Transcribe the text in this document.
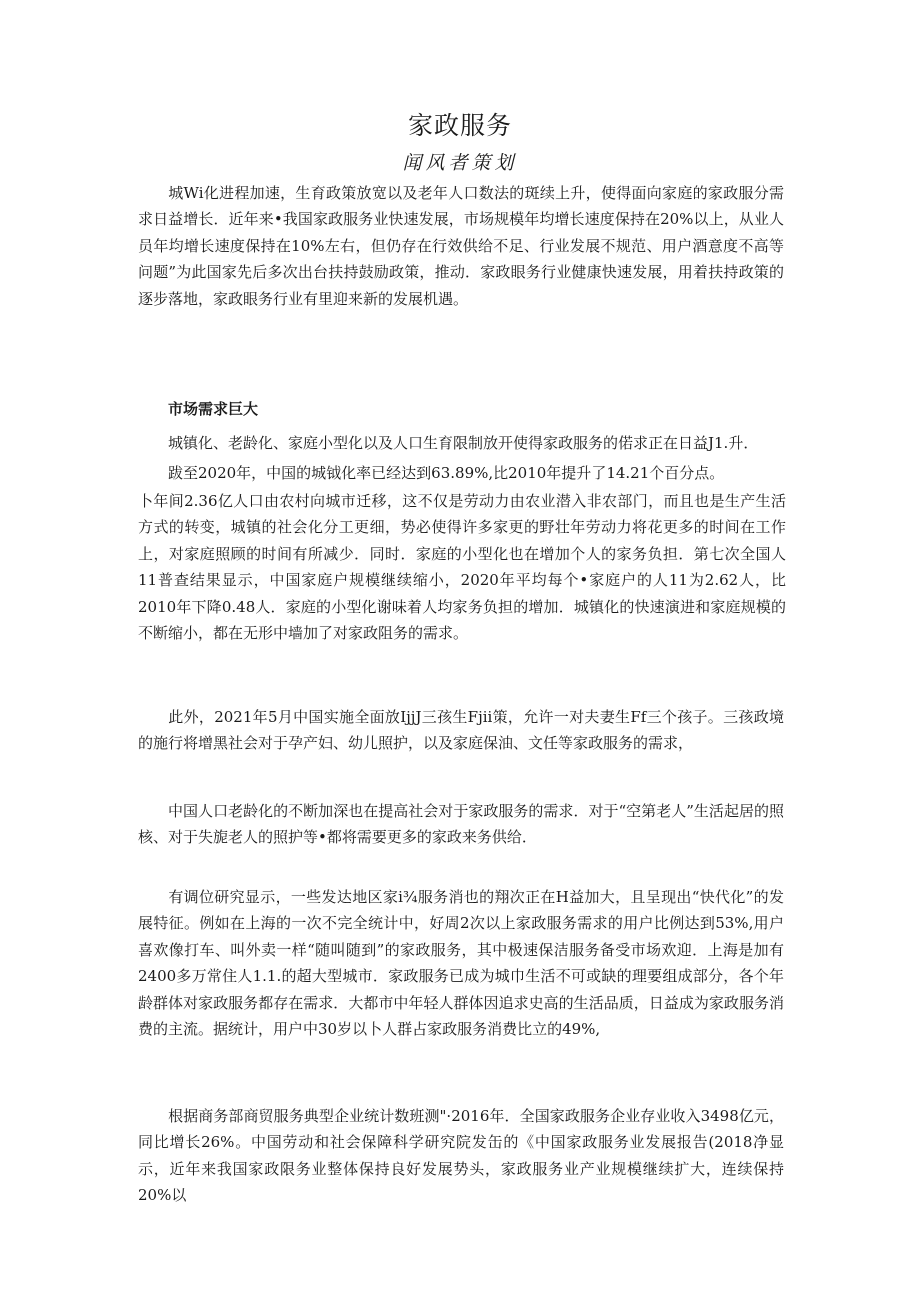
家政服务
闻风者策划

城Wi化进程加速，生育政策放宽以及老年人口数法的斑续上升，使得面向家庭的家政服分需求日益增长．近年来•我国家政服务业快速发展，市场规模年均增长速度保持在20%以上，从业人员年均增长速度保持在10%左右，但仍存在行效供给不足、行业发展不规范、用户酒意度不高等问题”为此国家先后多次出台扶持鼓励政策，推动．家政眼务行业健康快速发展，用着扶持政策的逐步落地，家政眼务行业有里迎来新的发展机遇。

市场需求巨大
城镇化、老龄化、家庭小型化以及人口生育限制放开使得家政服务的偌求正在日益J1.升．
跋至2020年，中国的城钺化率已经达到63.89%,比2010年提升了14.21个百分点。

卜年间2.36亿人口由农村向城市迁移，这不仅是劳动力由农业潜入非农部门，而且也是生产生活方式的转变，城镇的社会化分工更细，势必使得许多家更的野壮年劳动力将花更多的时间在工作上，对家庭照顾的时间有所减少．同时．家庭的小型化也在增加个人的家务负担．第七次全国人11普查结果显示，中国家庭户规模继续缩小，2020年平均每个•家庭户的人11为2.62人，比2010年下降0.48人．家庭的小型化谢味着人均家务负担的增加．城镇化的快速演进和家庭规模的不断缩小，都在无形中墙加了对家政阻务的需求。

此外，2021年5月中国实施全面放IjjJ三孩生Fjii策，允许一对夫妻生Ff三个孩子。三孩政境的施行将增黑社会对于孕产妇、幼儿照护，以及家庭保油、文任等家政服务的需求，

中国人口老龄化的不断加深也在提高社会对于家政服务的需求．对于“空第老人”生活起居的照核、对于失旎老人的照护等•都将需要更多的家政来务供给．

有调位研究显示，一些发达地区家i¾服务消也的翔次正在H益加大，且呈现出“快代化”的发展特征。例如在上海的一次不完全统计中，好周2次以上家政服务需求的用户比例达到53%,用户喜欢像打车、叫外卖一样“随叫随到”的家政服务，其中极速保洁服务备受市场欢迎．上海是加有2400多万常住人1.1.的超大型城市．家政服务已成为城巾生活不可或缺的理要组成部分，各个年龄群体对家政服务都存在需求．大都市中年轻人群体因追求史高的生活品质，日益成为家政服务消费的主流。据统计，用户中30岁以卜人群占家政服务消费比立的49%,

根据商务部商贸服务典型企业统计数班测"·2016年．全国家政服务企业存业收入3498亿元，同比增长26%。中国劳动和社会保障科学研究院发缶的《中国家政服务业发展报告(2018净显示，近年来我国家政限务业整体保持良好发展势头，家政服务业产业规模继续扩大，连续保持20%以
